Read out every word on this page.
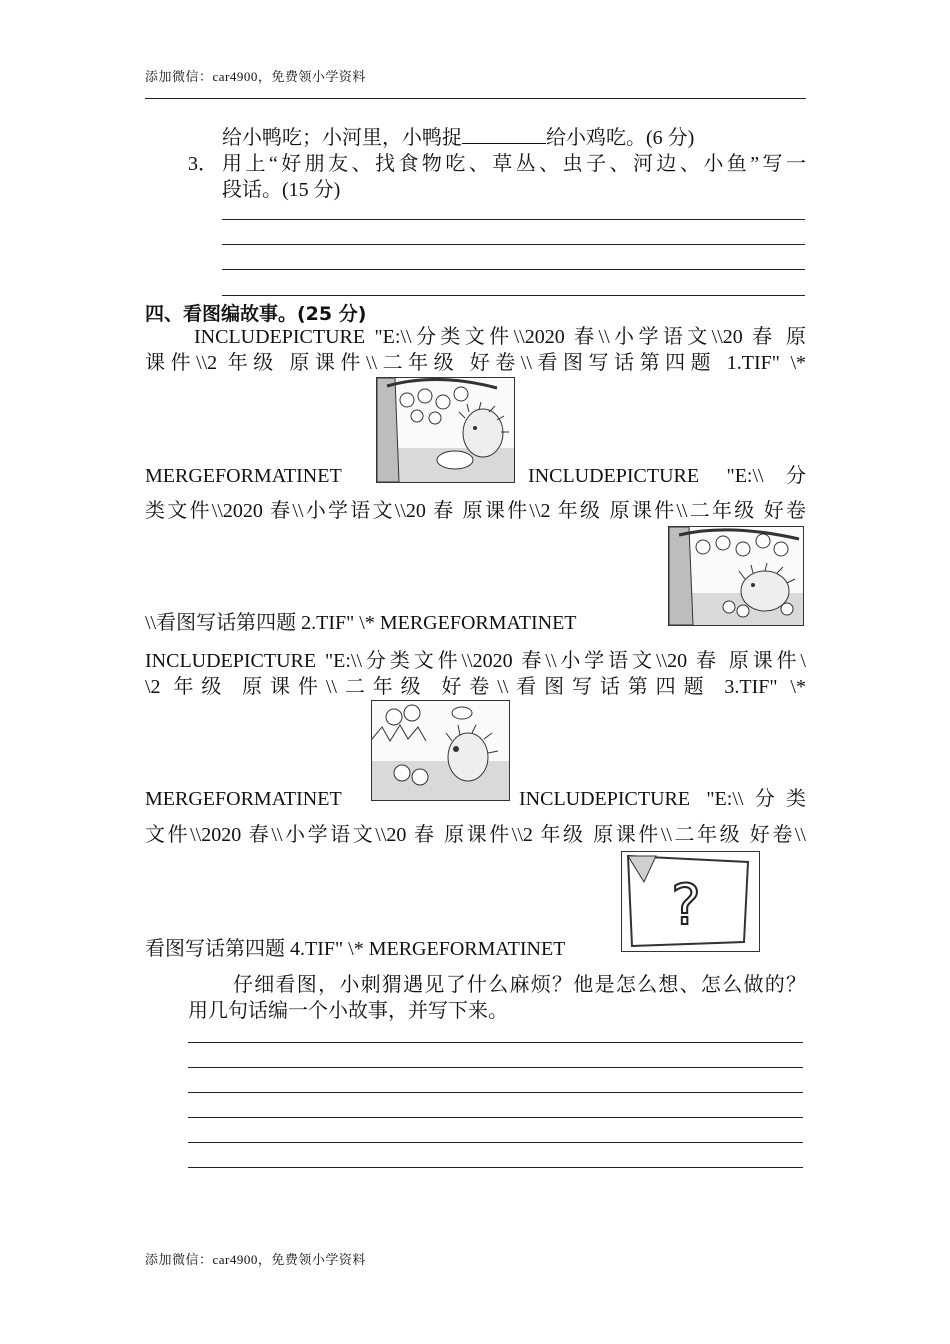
添加微信：car4900，免费领小学资料
给小鸭吃；小河里，小鸭捉	给小鸡吃。(6 分)
3． 用上“好朋友、找食物吃、草丛、虫子、河边、小鱼”写一
段话。(15 分)
四、看图编故事。(25 分)
INCLUDEPICTURE "E:\\分类文件\\2020 春\\小学语文\\20 春 原
课件\\2 年级 原课件\\二年级 好卷\\看图写话第四题 1.TIF" \*
MERGEFORMATINET	INCLUDEPICTURE "E:\\分
类文件\\2020 春\\小学语文\\20 春 原课件\\2 年级 原课件\\二年级 好卷
\\看图写话第四题 2.TIF" \* MERGEFORMATINET
INCLUDEPICTURE "E:\\分类文件\\2020 春\\小学语文\\20 春 原课件\
\2 年级 原课件\\二年级 好卷\\看图写话第四题 3.TIF" \*
MERGEFORMATINET	INCLUDEPICTURE "E:\\分类
文件\\2020 春\\小学语文\\20 春 原课件\\2 年级 原课件\\二年级 好卷\\
?
看图写话第四题 4.TIF" \* MERGEFORMATINET
仔细看图，小刺猬遇见了什么麻烦？他是怎么想、怎么做的？
用几句话编一个小故事，并写下来。
添加微信：car4900，免费领小学资料
